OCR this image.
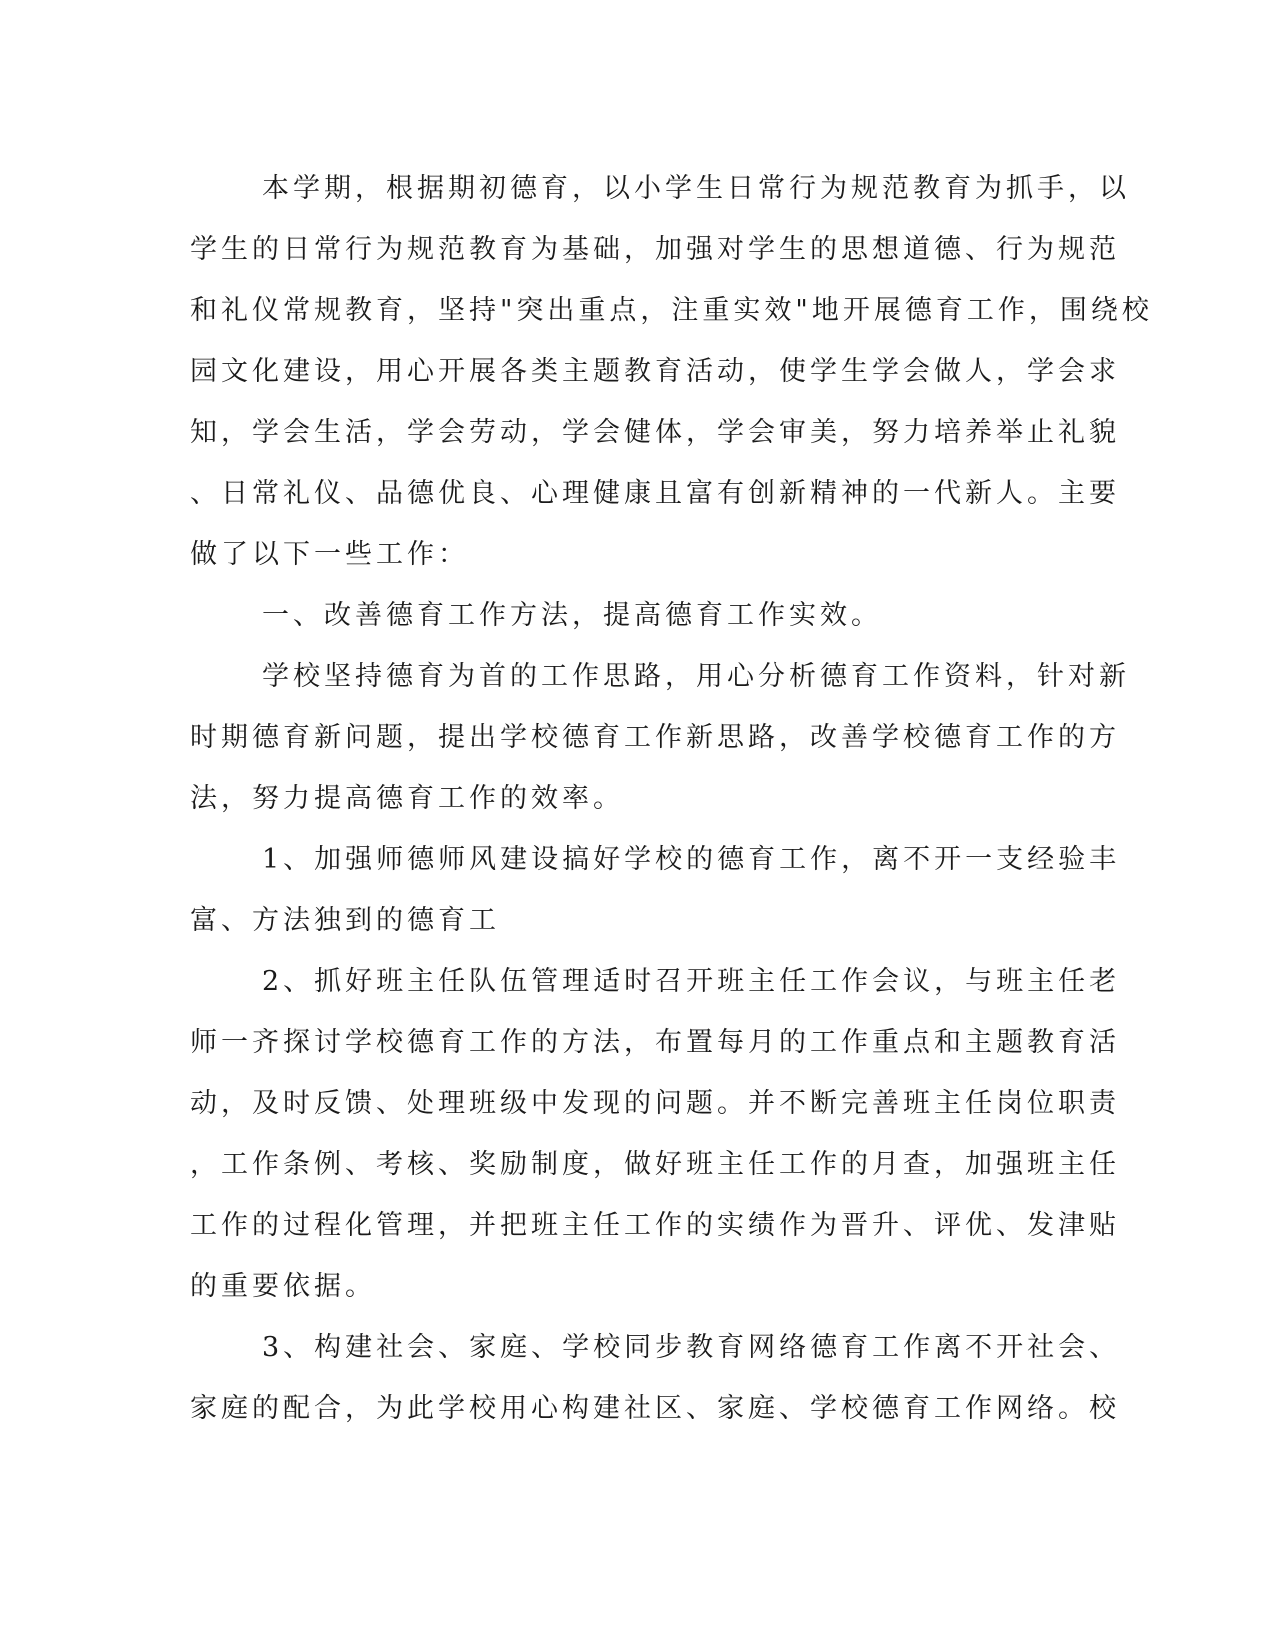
本学期，根据期初德育，以小学生日常行为规范教育为抓手，以
学生的日常行为规范教育为基础，加强对学生的思想道德、行为规范
和礼仪常规教育，坚持"突出重点，注重实效"地开展德育工作，围绕校
园文化建设，用心开展各类主题教育活动，使学生学会做人，学会求
知，学会生活，学会劳动，学会健体，学会审美，努力培养举止礼貌
、日常礼仪、品德优良、心理健康且富有创新精神的一代新人。主要
做了以下一些工作：
一、改善德育工作方法，提高德育工作实效。
学校坚持德育为首的工作思路，用心分析德育工作资料，针对新
时期德育新问题，提出学校德育工作新思路，改善学校德育工作的方
法，努力提高德育工作的效率。
1、加强师德师风建设搞好学校的德育工作，离不开一支经验丰
富、方法独到的德育工
2、抓好班主任队伍管理适时召开班主任工作会议，与班主任老
师一齐探讨学校德育工作的方法，布置每月的工作重点和主题教育活
动，及时反馈、处理班级中发现的问题。并不断完善班主任岗位职责
，工作条例、考核、奖励制度，做好班主任工作的月查，加强班主任
工作的过程化管理，并把班主任工作的实绩作为晋升、评优、发津贴
的重要依据。
3、构建社会、家庭、学校同步教育网络德育工作离不开社会、
家庭的配合，为此学校用心构建社区、家庭、学校德育工作网络。校
